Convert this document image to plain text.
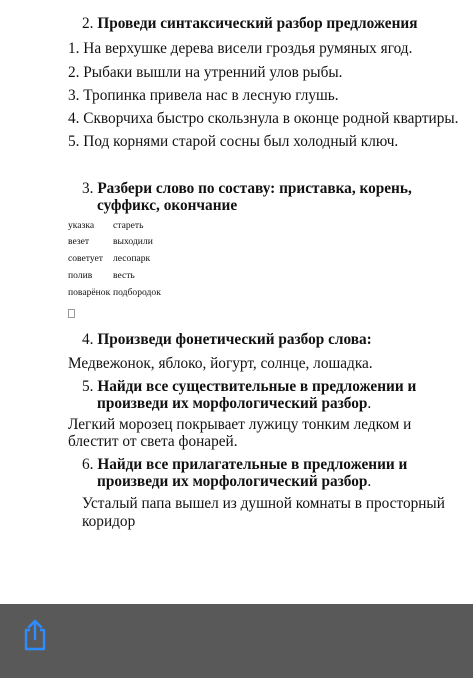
2. Проведи синтаксический разбор предложения
1. На верхушке дерева висели гроздья румяных ягод.
2. Рыбаки вышли на утренний улов рыбы.
3. Тропинка привела нас в лесную глушь.
4. Скворчиха быстро скользнула в оконце родной квартиры.
5. Под корнями старой сосны был холодный ключ.
3. Разбери слово по составу: приставка, корень,
суффикс, окончание
указка стареть
везет выходили
советует лесопарк
полив весть
поварёнок подбородок
4. Произведи фонетический разбор слова:
Медвежонок, яблоко, йогурт, солнце, лошадка.
5. Найди все существительные в предложении и
произведи их морфологический разбор.
Легкий морозец покрывает лужицу тонким ледком и
блестит от света фонарей.
6. Найди все прилагательные в предложении и
произведи их морфологический разбор.
Усталый папа вышел из душной комнаты в просторный
коридор
